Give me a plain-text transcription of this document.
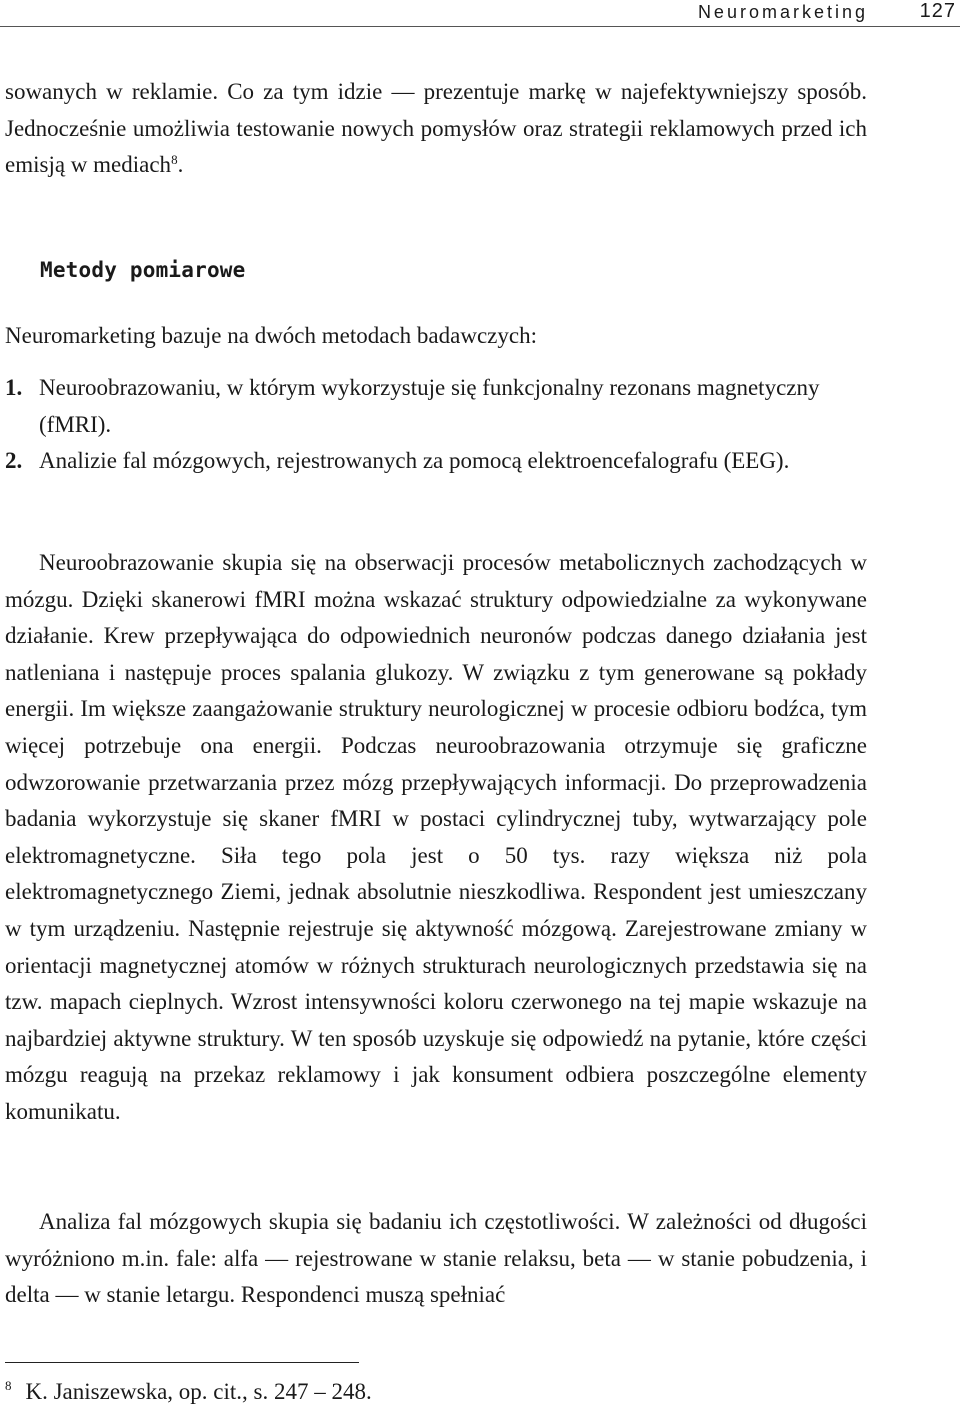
Neuromarketing	127

sowanych w reklamie. Co za tym idzie — prezentuje markę w najefektywniejszy sposób. Jednocześnie umożliwia testowanie nowych pomysłów oraz strategii reklamowych przed ich emisją w mediach$^8$.

Metody pomiarowe

Neuromarketing bazuje na dwóch metodach badawczych:

1. Neuroobrazowaniu, w którym wykorzystuje się funkcjonalny rezonans magnetyczny (fMRI).
2. Analizie fal mózgowych, rejestrowanych za pomocą elektroencefalografu (EEG).

Neuroobrazowanie skupia się na obserwacji procesów metabolicznych zachodzących w mózgu. Dzięki skanerowi fMRI można wskazać struktury odpowiedzialne za wykonywane działanie. Krew przepływająca do odpowiednich neuronów podczas danego działania jest natleniana i następuje proces spalania glukozy. W związku z tym generowane są pokłady energii. Im większe zaangażowanie struktury neurologicznej w procesie odbioru bodźca, tym więcej potrzebuje ona energii. Podczas neuroobrazowania otrzymuje się graficzne odwzorowanie przetwarzania przez mózg przepływających informacji. Do przeprowadzenia badania wykorzystuje się skaner fMRI w postaci cylindrycznej tuby, wytwarzający pole elektromagnetyczne. Siła tego pola jest o 50 tys. razy większa niż pola elektromagnetycznego Ziemi, jednak absolutnie nieszkodliwa. Respondent jest umieszczany w tym urządzeniu. Następnie rejestruje się aktywność mózgową. Zarejestrowane zmiany w orientacji magnetycznej atomów w różnych strukturach neurologicznych przedstawia się na tzw. mapach cieplnych. Wzrost intensywności koloru czerwonego na tej mapie wskazuje na najbardziej aktywne struktury. W ten sposób uzyskuje się odpowiedź na pytanie, które części mózgu reagują na przekaz reklamowy i jak konsument odbiera poszczególne elementy komunikatu.

Analiza fal mózgowych skupia się badaniu ich częstotliwości. W zależności od długości wyróżniono m.in. fale: alfa — rejestrowane w stanie relaksu, beta — w stanie pobudzenia, i delta — w stanie letargu. Respondenci muszą spełniać

$^8$ K. Janiszewska, op. cit., s. 247 – 248.
